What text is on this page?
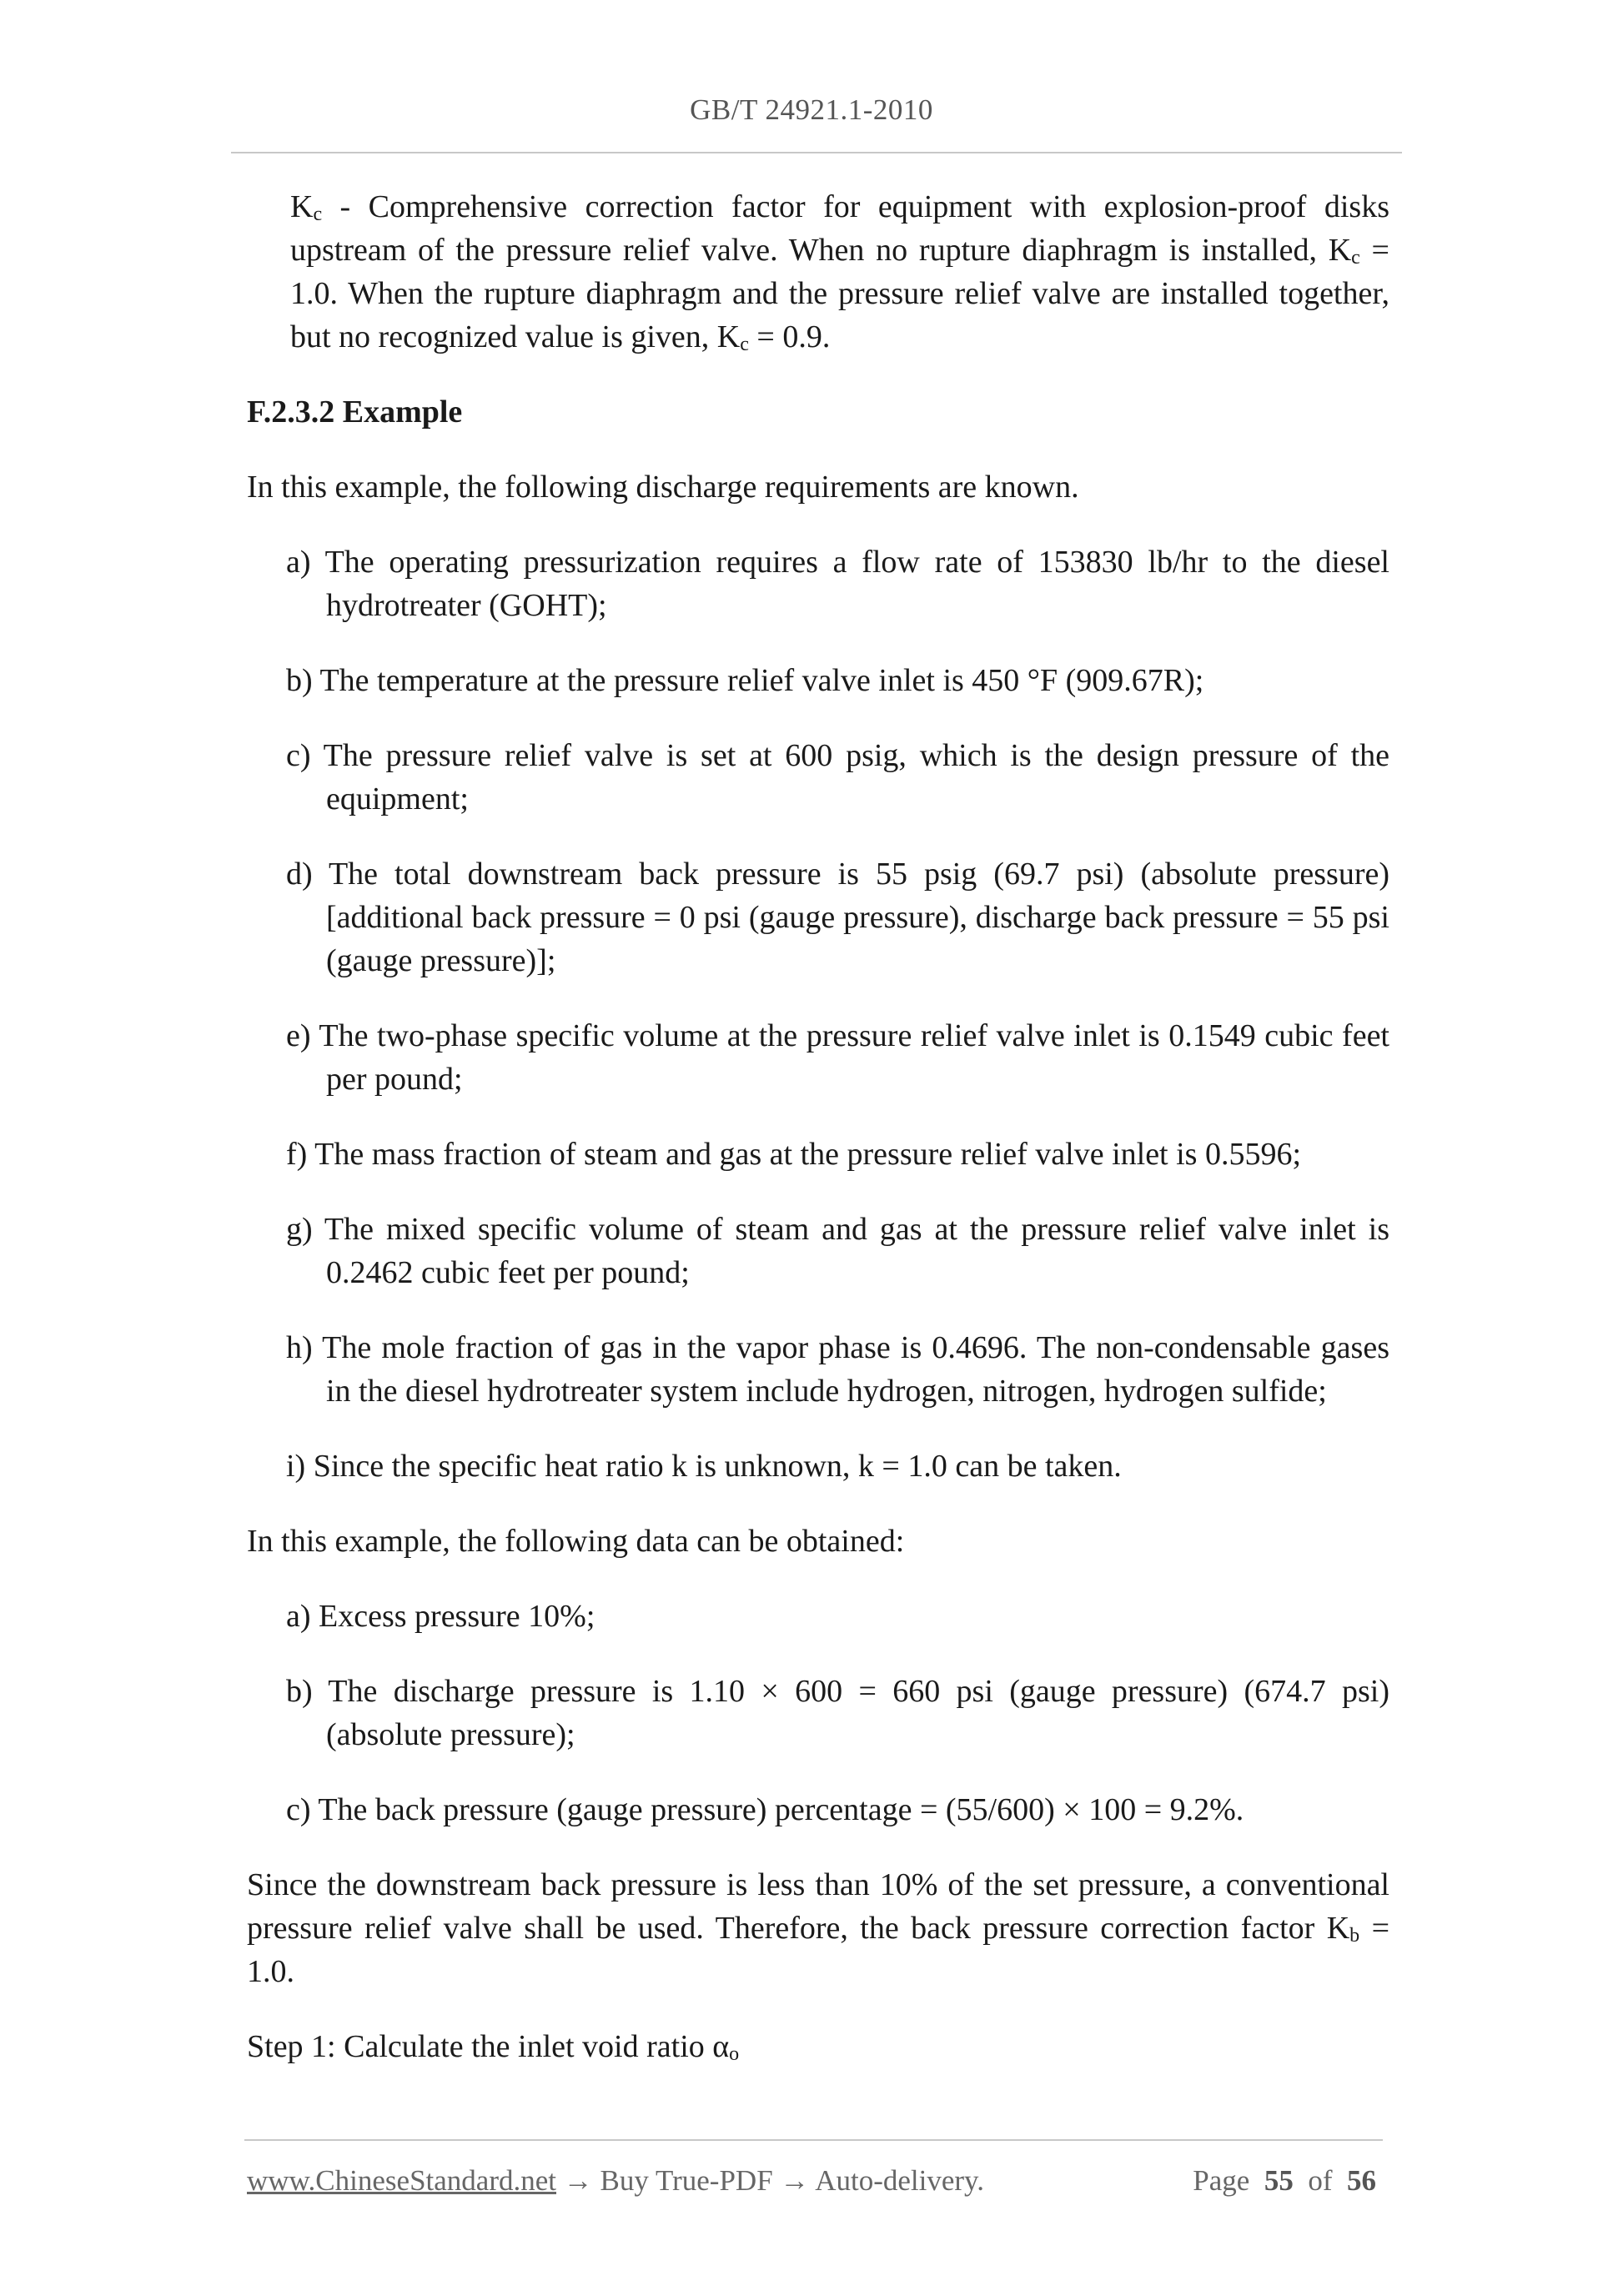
GB/T 24921.1-2010

$K_c$ - Comprehensive correction factor for equipment with explosion-proof disks upstream of the pressure relief valve. When no rupture diaphragm is installed, $K_c = 1.0$. When the rupture diaphragm and the pressure relief valve are installed together, but no recognized value is given, $K_c = 0.9$.

F.2.3.2 Example

In this example, the following discharge requirements are known.

a) The operating pressurization requires a flow rate of 153830 lb/hr to the diesel hydrotreater (GOHT);

b) The temperature at the pressure relief valve inlet is 450 °F (909.67R);

c) The pressure relief valve is set at 600 psig, which is the design pressure of the equipment;

d) The total downstream back pressure is 55 psig (69.7 psi) (absolute pressure) [additional back pressure = 0 psi (gauge pressure), discharge back pressure = 55 psi (gauge pressure)];

e) The two-phase specific volume at the pressure relief valve inlet is 0.1549 cubic feet per pound;

f) The mass fraction of steam and gas at the pressure relief valve inlet is 0.5596;

g) The mixed specific volume of steam and gas at the pressure relief valve inlet is 0.2462 cubic feet per pound;

h) The mole fraction of gas in the vapor phase is 0.4696. The non-condensable gases in the diesel hydrotreater system include hydrogen, nitrogen, hydrogen sulfide;

i) Since the specific heat ratio k is unknown, k = 1.0 can be taken.

In this example, the following data can be obtained:

a) Excess pressure 10%;

b) The discharge pressure is 1.10 × 600 = 660 psi (gauge pressure) (674.7 psi) (absolute pressure);

c) The back pressure (gauge pressure) percentage = (55/600) × 100 = 9.2%.

Since the downstream back pressure is less than 10% of the set pressure, a conventional pressure relief valve shall be used. Therefore, the back pressure correction factor $K_b = 1.0$.

Step 1: Calculate the inlet void ratio $\alpha_o$

www.ChineseStandard.net → Buy True-PDF → Auto-delivery.	Page 55 of 56
